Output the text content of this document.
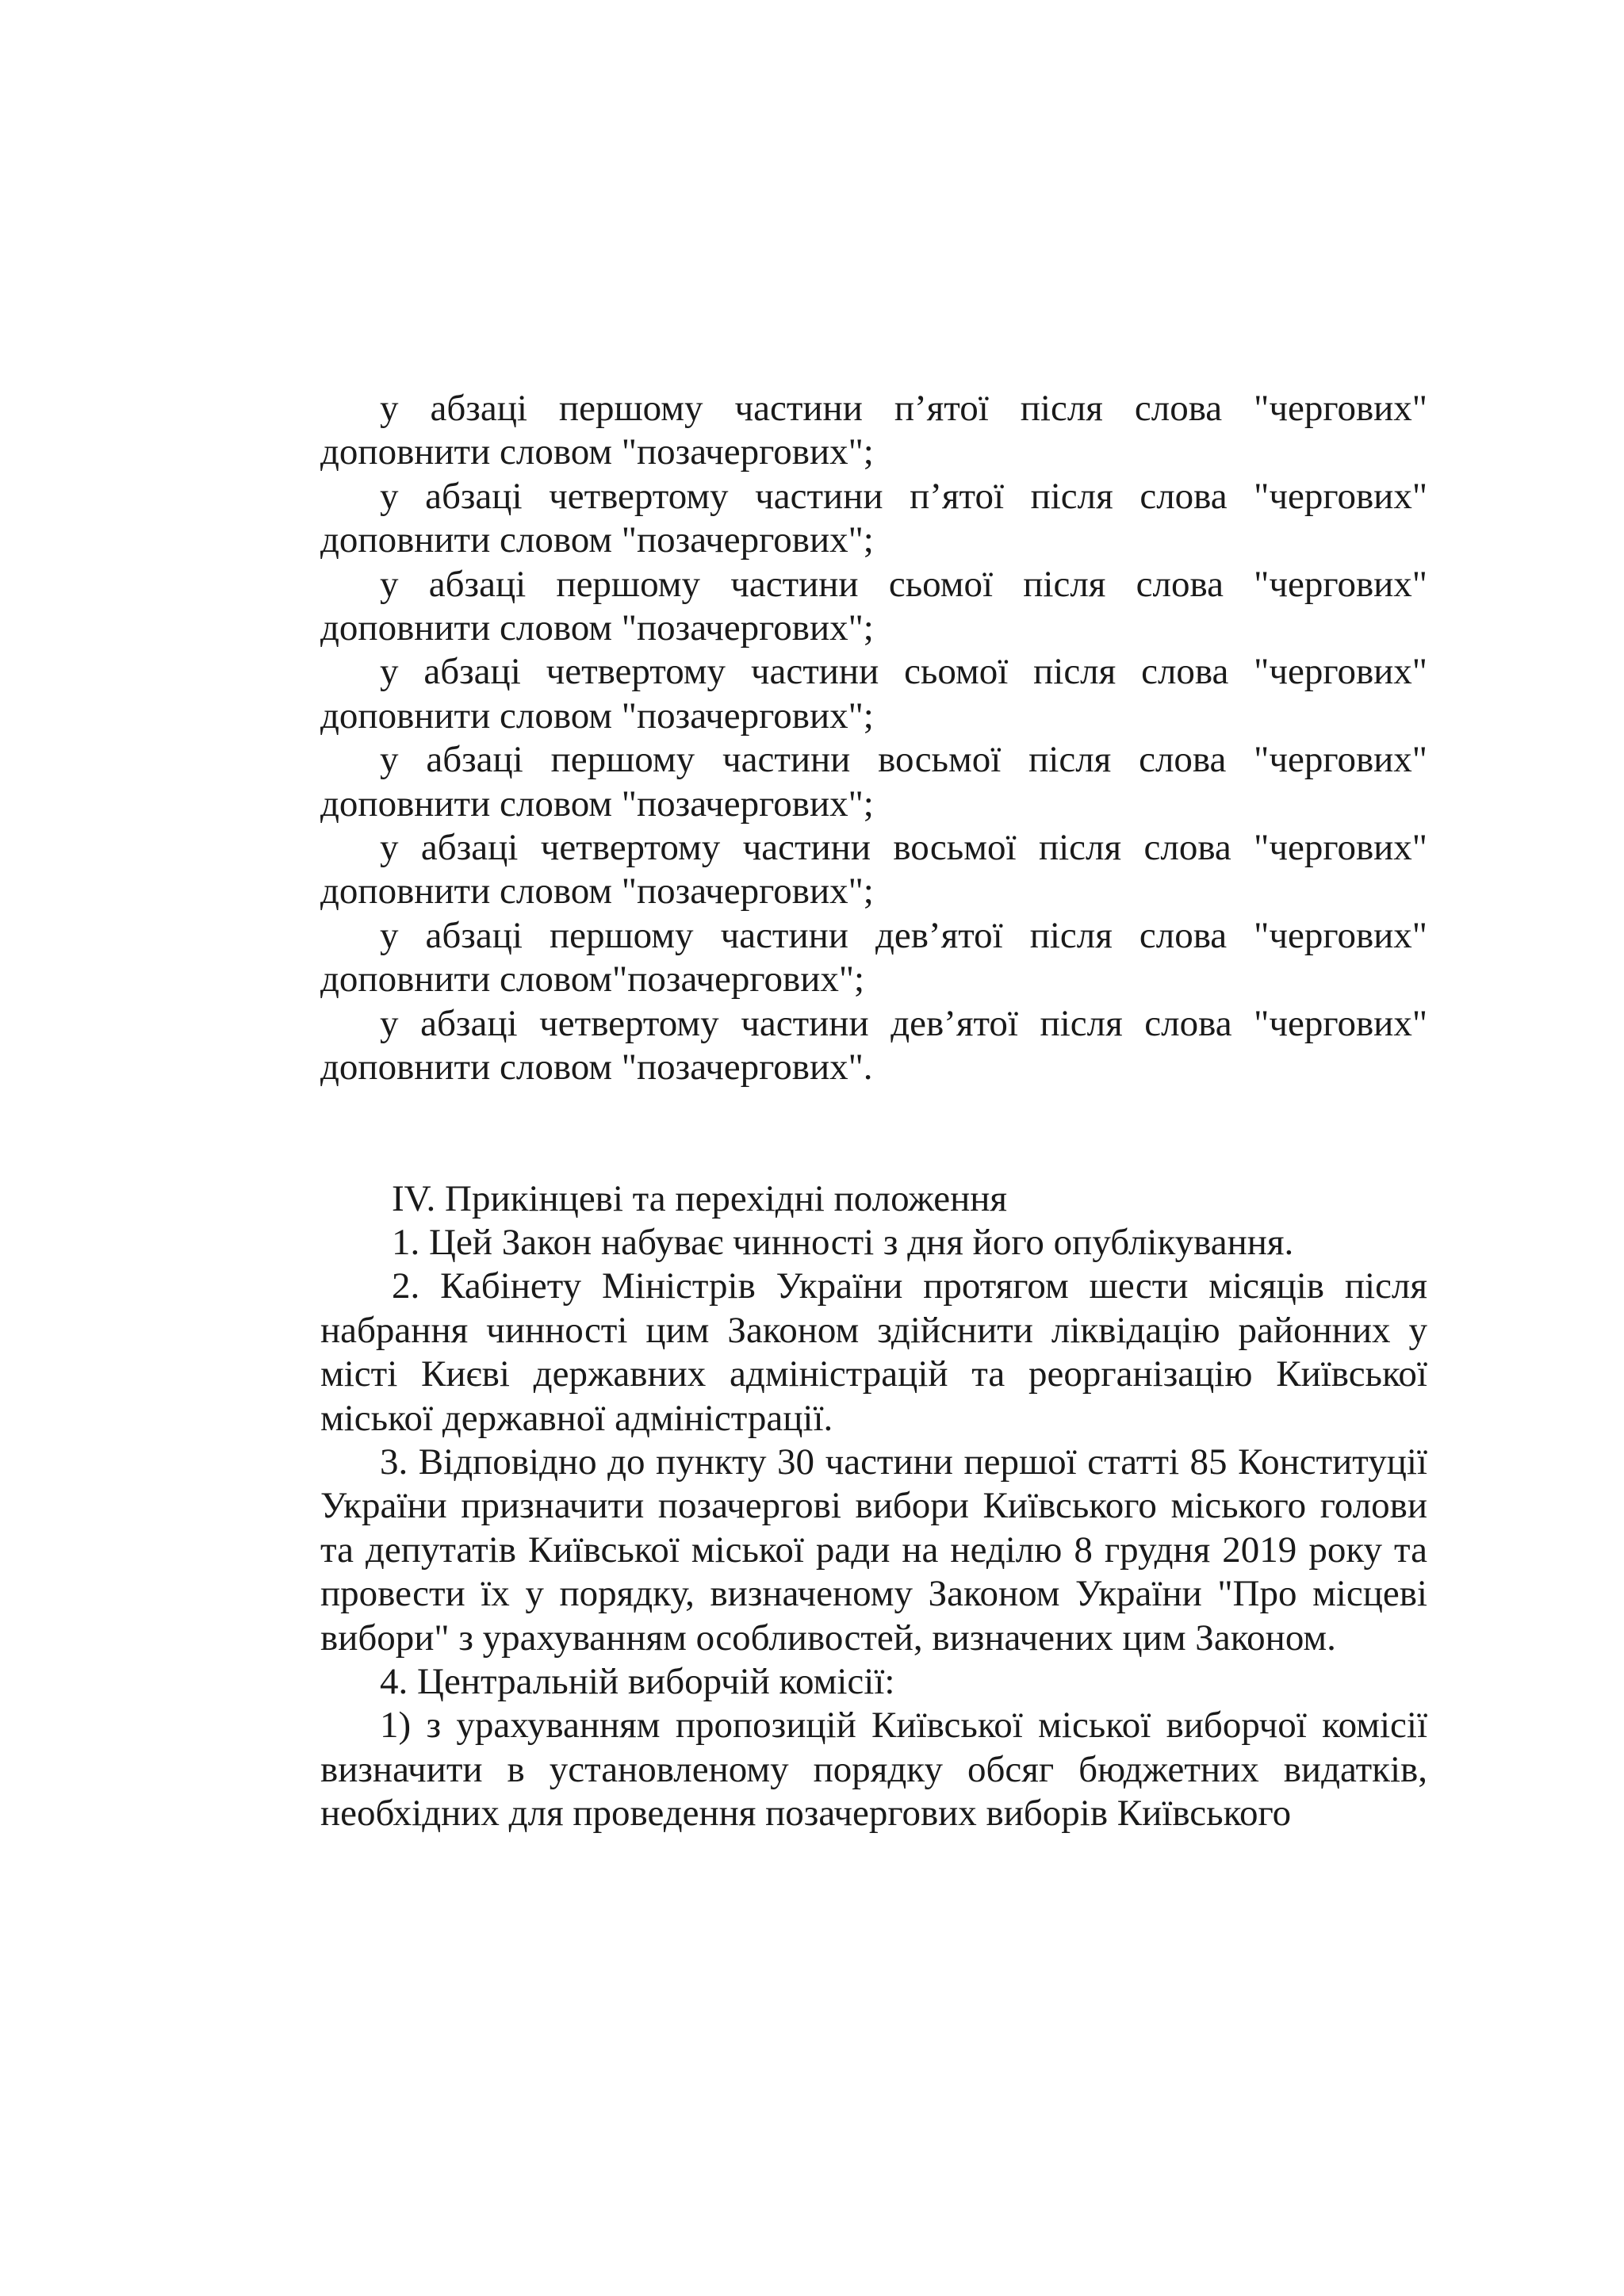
у абзаці першому частини п’ятої після слова "чергових" доповнити словом "позачергових";

у абзаці четвертому частини п’ятої після слова "чергових" доповнити словом "позачергових";

у абзаці першому частини сьомої після слова "чергових" доповнити словом "позачергових";

у абзаці четвертому частини сьомої після слова "чергових" доповнити словом "позачергових";

у абзаці першому частини восьмої після слова "чергових" доповнити словом "позачергових";

у абзаці четвертому частини восьмої після слова "чергових" доповнити словом "позачергових";

у абзаці першому частини дев’ятої після слова "чергових" доповнити словом"позачергових";

у абзаці четвертому частини дев’ятої після слова "чергових" доповнити словом "позачергових".

IV. Прикінцеві та перехідні положення

1. Цей Закон набуває чинності з дня його опублікування.

2. Кабінету Міністрів України протягом шести місяців після набрання чинності цим Законом здійснити ліквідацію районних у місті Києві державних адміністрацій та реорганізацію Київської міської державної адміністрації.

3. Відповідно до пункту 30 частини першої статті 85 Конституції України призначити позачергові вибори Київського міського голови та депутатів Київської міської ради на неділю 8 грудня 2019 року та провести їх у порядку, визначеному Законом України "Про місцеві вибори" з урахуванням особливостей, визначених цим Законом.

4. Центральній виборчій комісії:

1) з урахуванням пропозицій Київської міської виборчої комісії визначити в установленому порядку обсяг бюджетних видатків, необхідних для проведення позачергових виборів Київського
